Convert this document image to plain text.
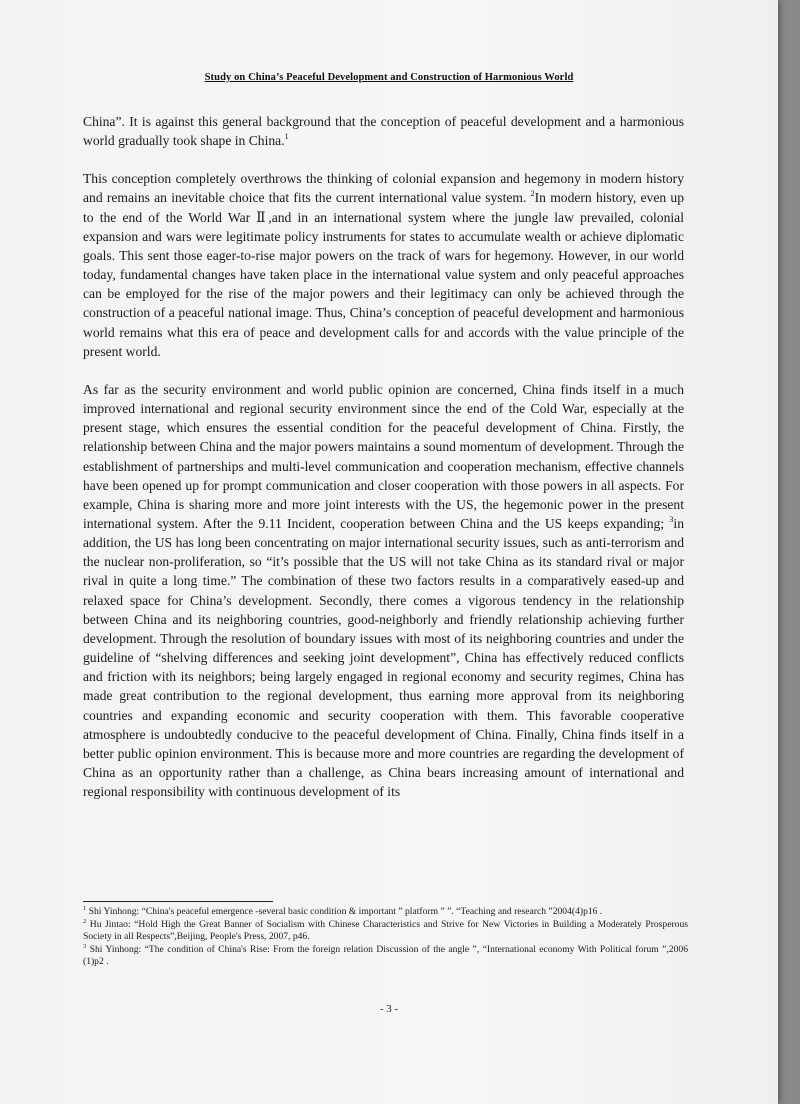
Study on China’s Peaceful Development and Construction of Harmonious World

China”. It is against this general background that the conception of peaceful development and a harmonious world gradually took shape in China.$^1$

This conception completely overthrows the thinking of colonial expansion and hegemony in modern history and remains an inevitable choice that fits the current international value system. $^2$In modern history, even up to the end of the World War Ⅱ,and in an international system where the jungle law prevailed, colonial expansion and wars were legitimate policy instruments for states to accumulate wealth or achieve diplomatic goals. This sent those eager-to-rise major powers on the track of wars for hegemony. However, in our world today, fundamental changes have taken place in the international value system and only peaceful approaches can be employed for the rise of the major powers and their legitimacy can only be achieved through the construction of a peaceful national image. Thus, China’s conception of peaceful development and harmonious world remains what this era of peace and development calls for and accords with the value principle of the present world.

As far as the security environment and world public opinion are concerned, China finds itself in a much improved international and regional security environment since the end of the Cold War, especially at the present stage, which ensures the essential condition for the peaceful development of China. Firstly, the relationship between China and the major powers maintains a sound momentum of development. Through the establishment of partnerships and multi-level communication and cooperation mechanism, effective channels have been opened up for prompt communication and closer cooperation with those powers in all aspects. For example, China is sharing more and more joint interests with the US, the hegemonic power in the present international system. After the 9.11 Incident, cooperation between China and the US keeps expanding; $^3$in addition, the US has long been concentrating on major international security issues, such as anti-terrorism and the nuclear non-proliferation, so “it’s possible that the US will not take China as its standard rival or major rival in quite a long time.” The combination of these two factors results in a comparatively eased-up and relaxed space for China’s development. Secondly, there comes a vigorous tendency in the relationship between China and its neighboring countries, good-neighborly and friendly relationship achieving further development. Through the resolution of boundary issues with most of its neighboring countries and under the guideline of “shelving differences and seeking joint development”, China has effectively reduced conflicts and friction with its neighbors; being largely engaged in regional economy and security regimes, China has made great contribution to the regional development, thus earning more approval from its neighboring countries and expanding economic and security cooperation with them. This favorable cooperative atmosphere is undoubtedly conducive to the peaceful development of China. Finally, China finds itself in a better public opinion environment. This is because more and more countries are regarding the development of China as an opportunity rather than a challenge, as China bears increasing amount of international and regional responsibility with continuous development of its

$^1$ Shi Yinhong: “China's peaceful emergence -several basic condition & important ” platform ” ”. “Teaching and research ”2004(4)p16 .

$^2$ Hu Jintao: “Hold High the Great Banner of Socialism with Chinese Characteristics and Strive for New Victories in Building a Moderately Prosperous Society in all Respects”,Beijing, People's Press, 2007, p46.

$^3$ Shi Yinhong: “The condition of China's Rise: From the foreign relation Discussion of the angle ”, “International economy With Political forum ”,2006 (1)p2 .

- 3 -
